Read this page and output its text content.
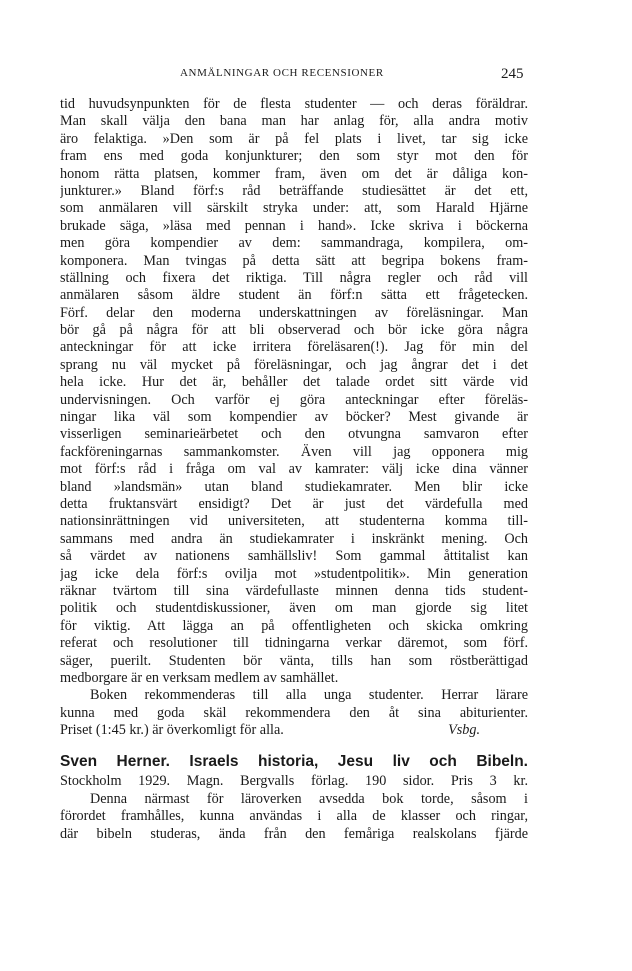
ANMÄLNINGAR OCH RECENSIONER	245
tid huvudsynpunkten för de flesta studenter — och deras föräldrar.
Man skall välja den bana man har anlag för, alla andra motiv
äro felaktiga. »Den som är på fel plats i livet, tar sig icke
fram ens med goda konjunkturer; den som styr mot den för
honom rätta platsen, kommer fram, även om det är dåliga kon-
junkturer.» Bland förf:s råd beträffande studiesättet är det ett,
som anmälaren vill särskilt stryka under: att, som Harald Hjärne
brukade säga, »läsa med pennan i hand». Icke skriva i böckerna
men göra kompendier av dem: sammandraga, kompilera, om-
komponera. Man tvingas på detta sätt att begripa bokens fram-
ställning och fixera det riktiga. Till några regler och råd vill
anmälaren såsom äldre student än förf:n sätta ett frågetecken.
Förf. delar den moderna underskattningen av föreläsningar. Man
bör gå på några för att bli observerad och bör icke göra några
anteckningar för att icke irritera föreläsaren(!). Jag för min del
sprang nu väl mycket på föreläsningar, och jag ångrar det i det
hela icke. Hur det är, behåller det talade ordet sitt värde vid
undervisningen. Och varför ej göra anteckningar efter föreläs-
ningar lika väl som kompendier av böcker? Mest givande är
visserligen seminarieärbetet och den otvungna samvaron efter
fackföreningarnas sammankomster. Även vill jag opponera mig
mot förf:s råd i fråga om val av kamrater: välj icke dina vänner
bland »landsmän» utan bland studiekamrater. Men blir icke
detta fruktansvärt ensidigt? Det är just det värdefulla med
nationsinrättningen vid universiteten, att studenterna komma till-
sammans med andra än studiekamrater i inskränkt mening. Och
så värdet av nationens samhällsliv! Som gammal åttitalist kan
jag icke dela förf:s ovilja mot »studentpolitik». Min generation
räknar tvärtom till sina värdefullaste minnen denna tids student-
politik och studentdiskussioner, även om man gjorde sig litet
för viktig. Att lägga an på offentligheten och skicka omkring
referat och resolutioner till tidningarna verkar däremot, som förf.
säger, puerilt. Studenten bör vänta, tills han som röstberättigad
medborgare är en verksam medlem av samhället.
Boken rekommenderas till alla unga studenter. Herrar lärare
kunna med goda skäl rekommendera den åt sina abiturienter.
Priset (1:45 kr.) är överkomligt för alla.	Vsbg.
Sven Herner. Israels historia, Jesu liv och Bibeln.
Stockholm 1929. Magn. Bergvalls förlag. 190 sidor. Pris 3 kr.
Denna närmast för läroverken avsedda bok torde, såsom i
förordet framhålles, kunna användas i alla de klasser och ringar,
där bibeln studeras, ända från den femåriga realskolans fjärde
